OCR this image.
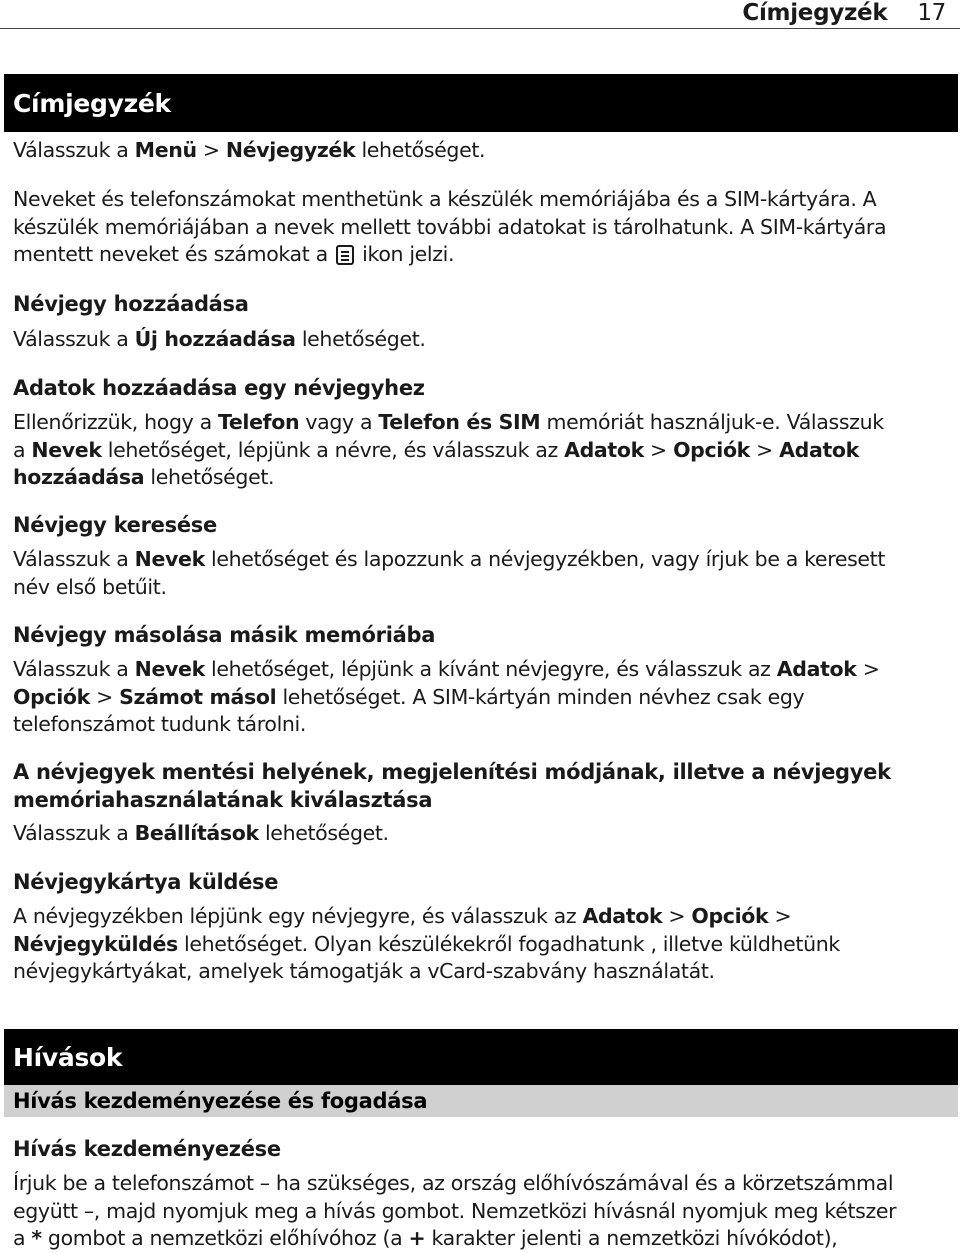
Címjegyzék 17
Címjegyzék
Válasszuk a Menü > Névjegyzék lehetőséget.
Neveket és telefonszámokat menthetünk a készülék memóriájába és a SIM-kártyára. A
készülék memóriájában a nevek mellett további adatokat is tárolhatunk. A SIM-kártyára
mentett neveket és számokat a  ikon jelzi.
Névjegy hozzáadása
Válasszuk a Új hozzáadása lehetőséget.
Adatok hozzáadása egy névjegyhez
Ellenőrizzük, hogy a Telefon vagy a Telefon és SIM memóriát használjuk-e. Válasszuk
a Nevek lehetőséget, lépjünk a névre, és válasszuk az Adatok > Opciók > Adatok
hozzáadása lehetőséget.
Névjegy keresése
Válasszuk a Nevek lehetőséget és lapozzunk a névjegyzékben, vagy írjuk be a keresett
név első betűit.
Névjegy másolása másik memóriába
Válasszuk a Nevek lehetőséget, lépjünk a kívánt névjegyre, és válasszuk az Adatok >
Opciók > Számot másol lehetőséget. A SIM-kártyán minden névhez csak egy
telefonszámot tudunk tárolni.
A névjegyek mentési helyének, megjelenítési módjának, illetve a névjegyek
memóriahasználatának kiválasztása
Válasszuk a Beállítások lehetőséget.
Névjegykártya küldése
A névjegyzékben lépjünk egy névjegyre, és válasszuk az Adatok > Opciók >
Névjegyküldés lehetőséget. Olyan készülékekről fogadhatunk , illetve küldhetünk
névjegykártyákat, amelyek támogatják a vCard-szabvány használatát.
Hívások
Hívás kezdeményezése és fogadása
Hívás kezdeményezése
Írjuk be a telefonszámot – ha szükséges, az ország előhívószámával és a körzetszámmal
együtt –, majd nyomjuk meg a hívás gombot. Nemzetközi hívásnál nyomjuk meg kétszer
a * gombot a nemzetközi előhívóhoz (a + karakter jelenti a nemzetközi hívókódot),
